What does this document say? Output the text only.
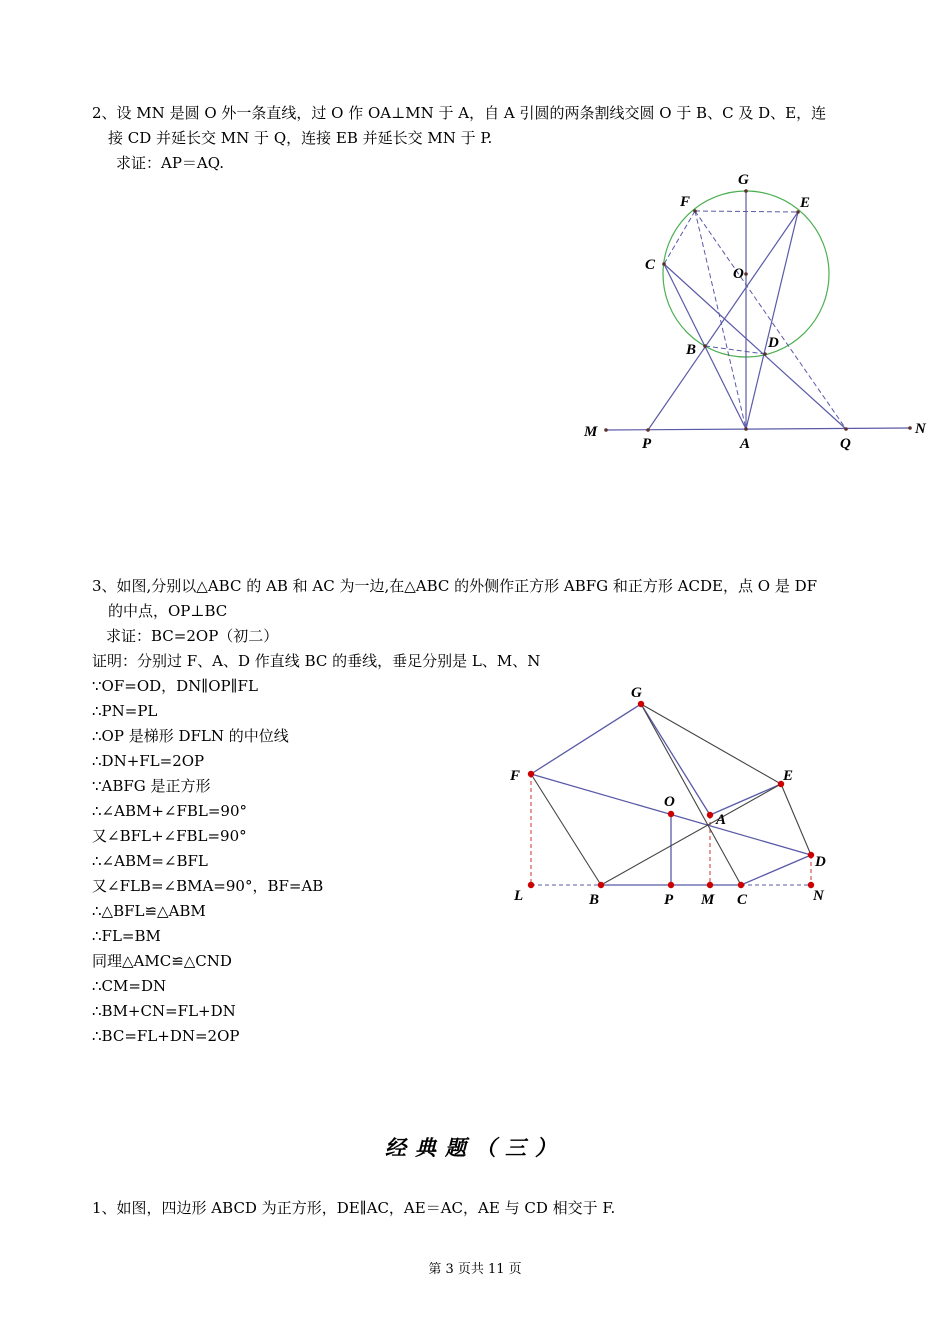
2、设 MN 是圆 O 外一条直线，过 O 作 OA⊥MN 于 A，自 A 引圆的两条割线交圆 O 于 B、C 及 D、E，连
接 CD 并延长交 MN 于 Q，连接 EB 并延长交 MN 于 P.
求证：AP＝AQ.
G
F	E
C
O
B	D
M
P	A	Q
N
3、如图,分别以△ABC 的 AB 和 AC 为一边,在△ABC 的外侧作正方形 ABFG 和正方形 ACDE，点 O 是 DF
的中点，OP⊥BC
求证：BC=2OP（初二）
证明：分别过 F、A、D 作直线 BC 的垂线，垂足分别是 L、M、N
∵OF=OD，DN∥OP∥FL
∴PN=PL
∴OP 是梯形 DFLN 的中位线
∴DN+FL=2OP
∵ABFG 是正方形
∴∠ABM+∠FBL=90°
又∠BFL+∠FBL=90°
∴∠ABM=∠BFL
又∠FLB=∠BMA=90°，BF=AB
∴△BFL≌△ABM
∴FL=BM
同理△AMC≌△CND
∴CM=DN
∴BM+CN=FL+DN
∴BC=FL+DN=2OP
G
F	E
O
A
D
L	B	P M C	N
经典题（三）
1、如图，四边形 ABCD 为正方形，DE∥AC，AE＝AC，AE 与 CD 相交于 F.
第 3 页共 11 页
